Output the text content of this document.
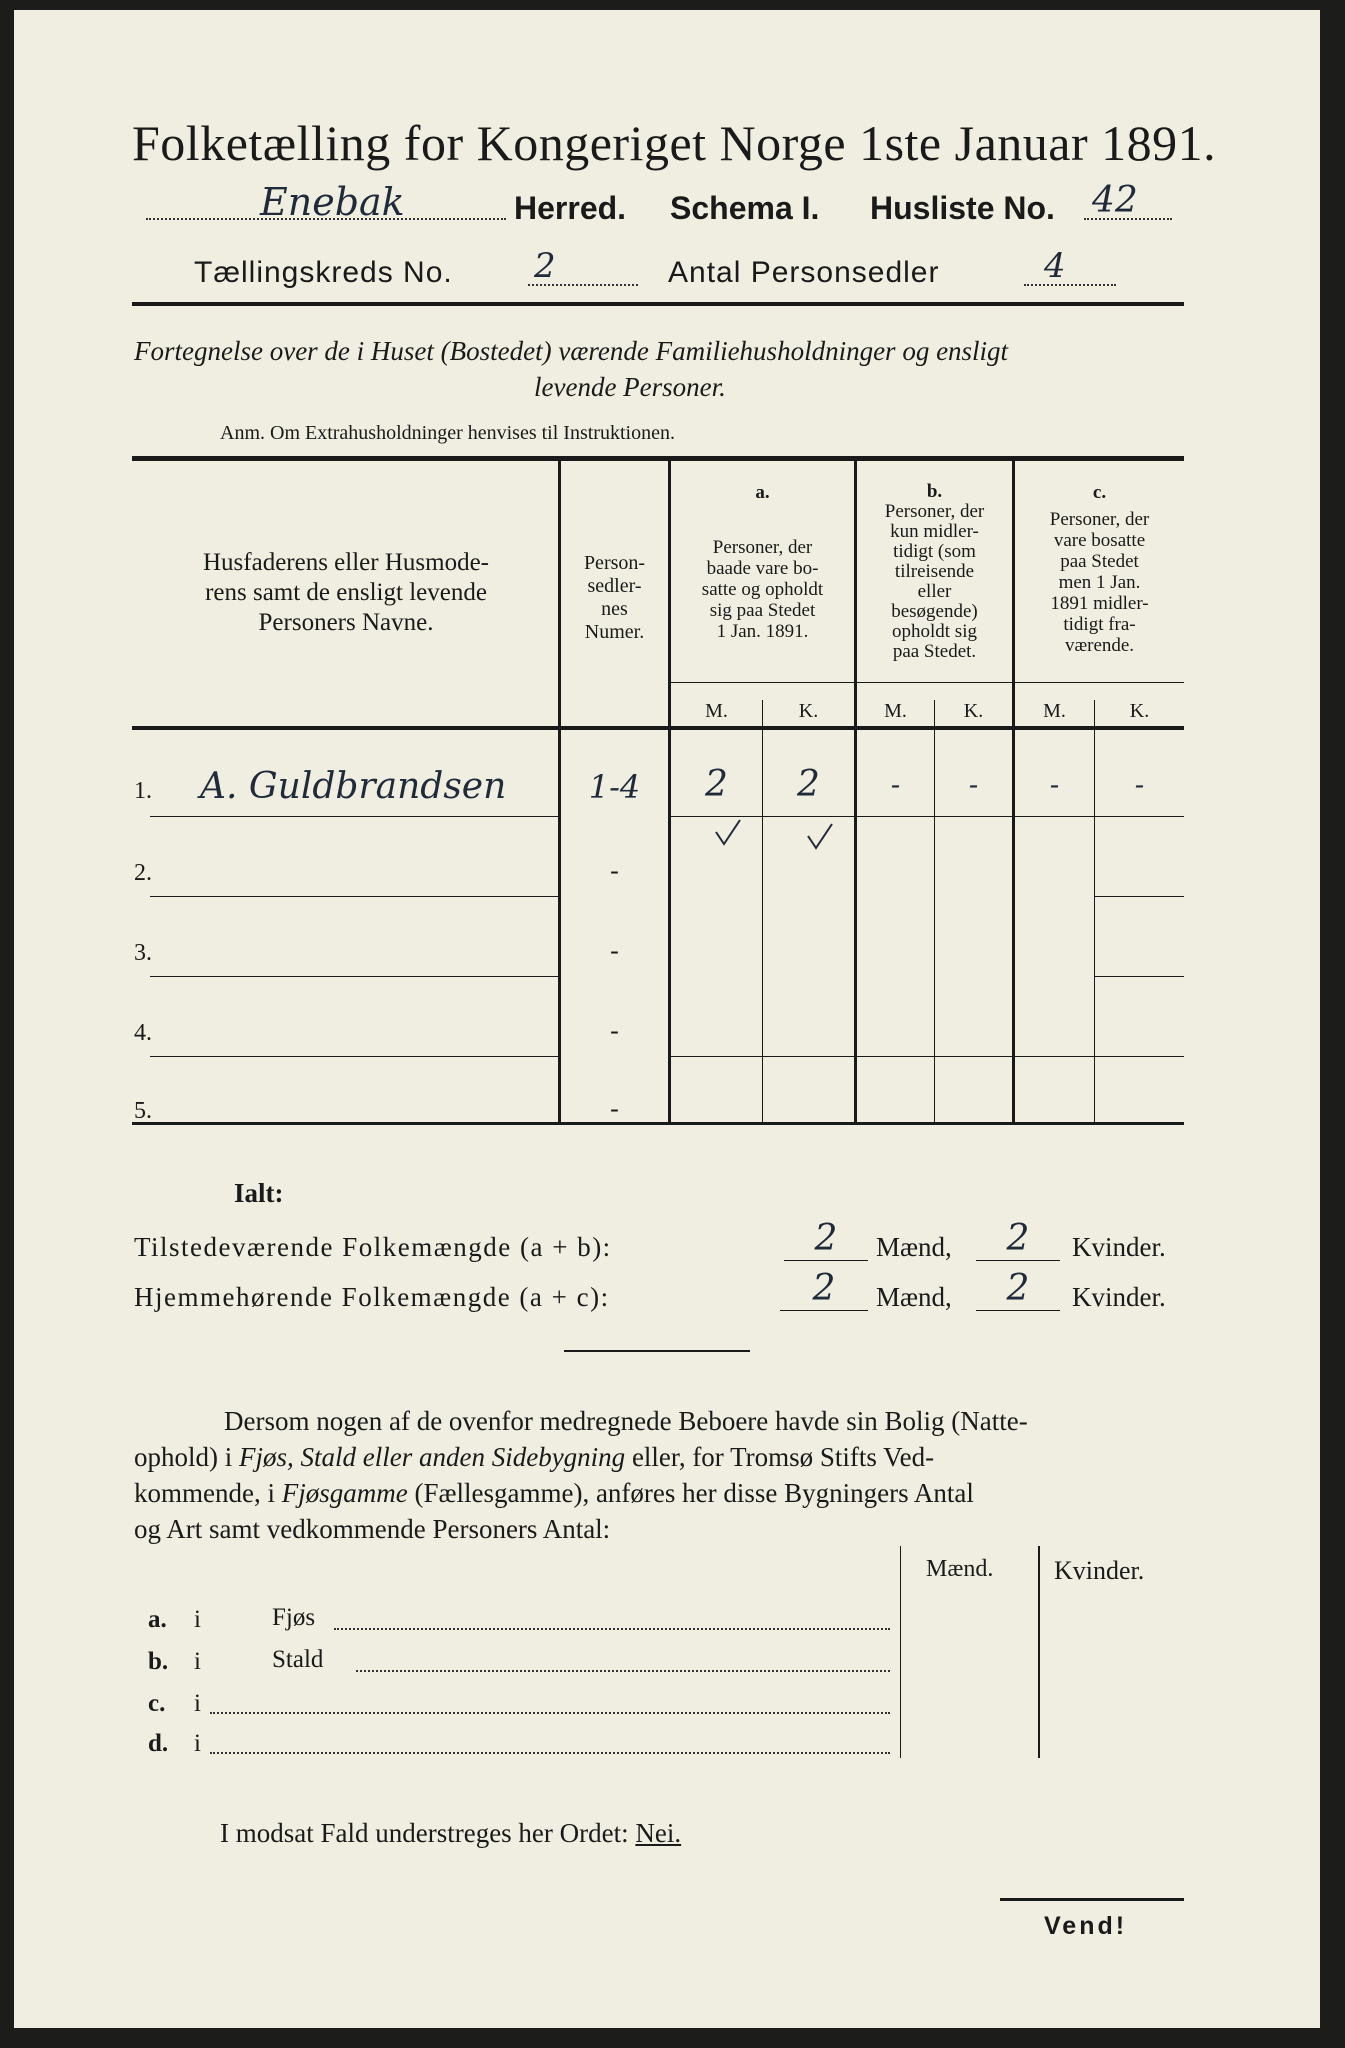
Folketælling for Kongeriget Norge 1ste Januar 1891.
Enebak	Herred. Schema I. Husliste No. 42
Tællingskreds No. 2	Antal Personsedler	4
Fortegnelse over de i Huset (Bostedet) værende Familiehusholdninger og ensligt
levende Personer.
Anm. Om Extrahusholdninger henvises til Instruktionen.
Husfaderens eller Husmode-
rens samt de ensligt levende
Personers Navne.
Person-
sedler-
nes
Numer.
a.
Personer, der
baade vare bo-
satte og opholdt
sig paa Stedet
1 Jan. 1891.
b.
Personer, der
kun midler-
tidigt (som
tilreisende
eller
besøgende)
opholdt sig
paa Stedet.
c.
Personer, der
vare bosatte
paa Stedet
men 1 Jan.
1891 midler-
tidigt fra-
værende.
M.	K.	M.	K.	M.	K.
1. A. Guldbrandsen	1-4	2	2	-	-	-	-
2.	-
3.	-
4.	-
5.	-
Ialt:
Tilstedeværende Folkemængde (a + b):	2	Mænd,	2	Kvinder.
Hjemmehørende Folkemængde (a + c):	2	Mænd,	2	Kvinder.
Dersom nogen af de ovenfor medregnede Beboere havde sin Bolig (Natte-
ophold) i Fjøs, Stald eller anden Sidebygning eller, for Tromsø Stifts Ved-
kommende, i Fjøsgamme (Fællesgamme), anføres her disse Bygningers Antal
og Art samt vedkommende Personers Antal:
Mænd. Kvinder.
a. i	Fjøs
b. i	Stald
c. i
d. i
I modsat Fald understreges her Ordet: Nei.
Vend!
